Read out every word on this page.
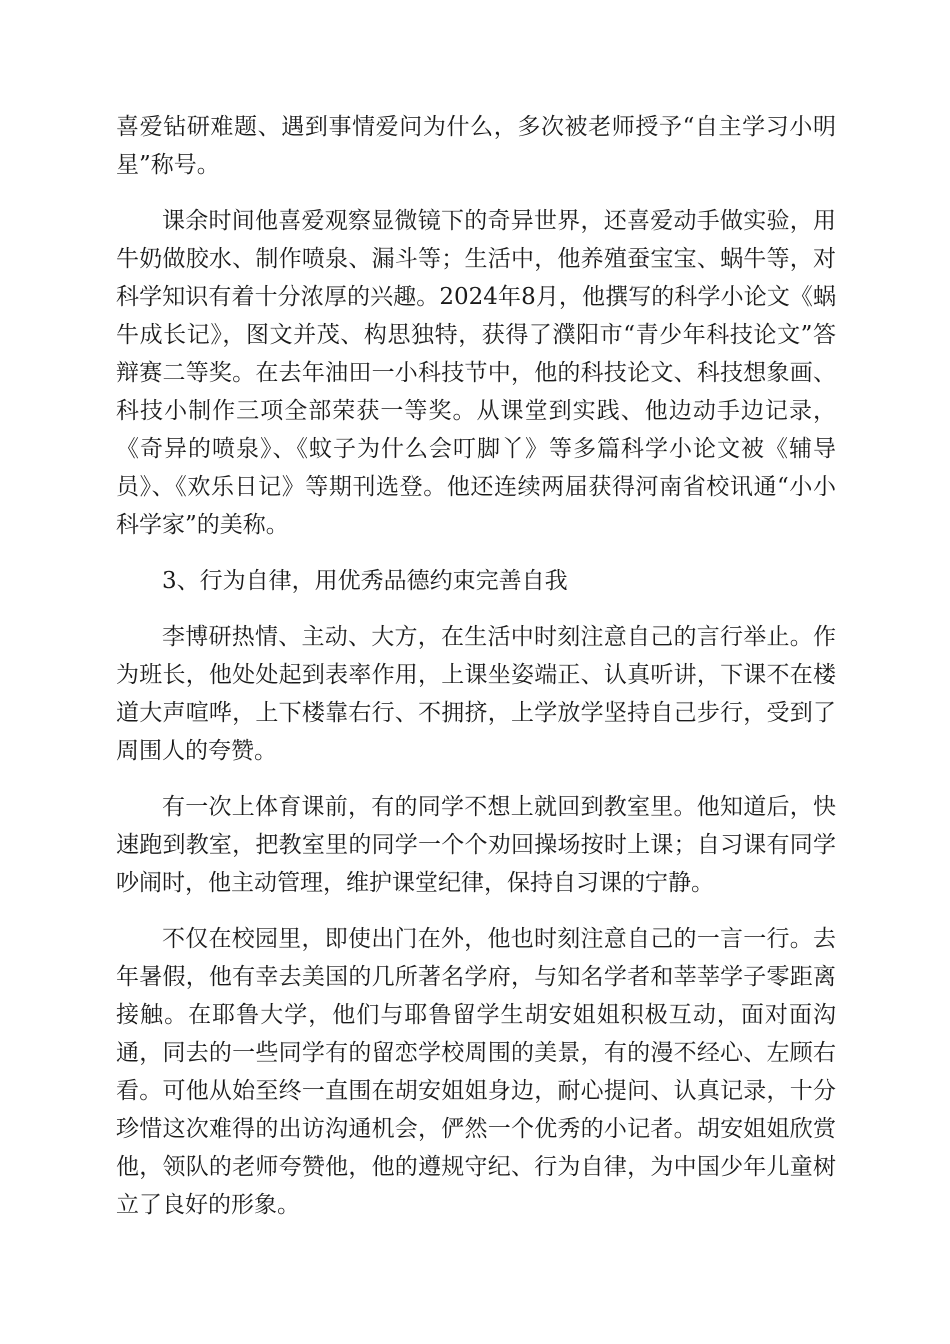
喜爱钻研难题、遇到事情爱问为什么，多次被老师授予“自主学习小明星”称号。

课余时间他喜爱观察显微镜下的奇异世界，还喜爱动手做实验，用牛奶做胶水、制作喷泉、漏斗等；生活中，他养殖蚕宝宝、蜗牛等，对科学知识有着十分浓厚的兴趣。2024年8月，他撰写的科学小论文《蜗牛成长记》，图文并茂、构思独特，获得了濮阳市“青少年科技论文”答辩赛二等奖。在去年油田一小科技节中，他的科技论文、科技想象画、科技小制作三项全部荣获一等奖。从课堂到实践、他边动手边记录，《奇异的喷泉》、《蚊子为什么会叮脚丫》等多篇科学小论文被《辅导员》、《欢乐日记》等期刊选登。他还连续两届获得河南省校讯通“小小科学家”的美称。

3、行为自律，用优秀品德约束完善自我

李博研热情、主动、大方，在生活中时刻注意自己的言行举止。作为班长，他处处起到表率作用，上课坐姿端正、认真听讲，下课不在楼道大声喧哗，上下楼靠右行、不拥挤，上学放学坚持自己步行，受到了周围人的夸赞。

有一次上体育课前，有的同学不想上就回到教室里。他知道后，快速跑到教室，把教室里的同学一个个劝回操场按时上课；自习课有同学吵闹时，他主动管理，维护课堂纪律，保持自习课的宁静。

不仅在校园里，即使出门在外，他也时刻注意自己的一言一行。去年暑假，他有幸去美国的几所著名学府，与知名学者和莘莘学子零距离接触。在耶鲁大学，他们与耶鲁留学生胡安姐姐积极互动，面对面沟通，同去的一些同学有的留恋学校周围的美景，有的漫不经心、左顾右看。可他从始至终一直围在胡安姐姐身边，耐心提问、认真记录，十分珍惜这次难得的出访沟通机会，俨然一个优秀的小记者。胡安姐姐欣赏他，领队的老师夸赞他，他的遵规守纪、行为自律，为中国少年儿童树立了良好的形象。
